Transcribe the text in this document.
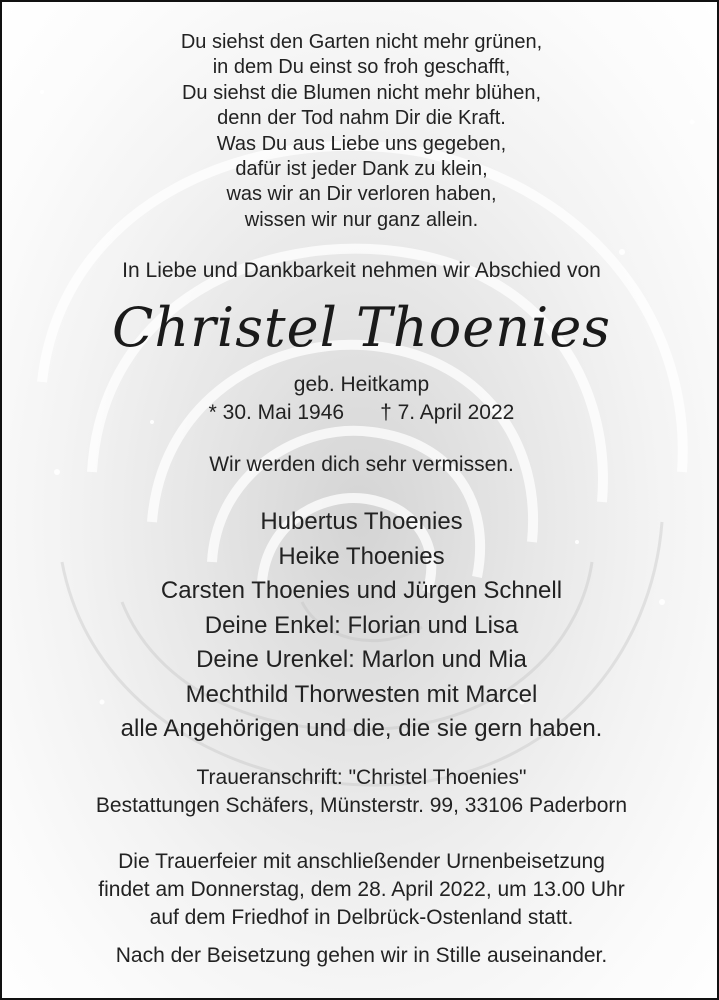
Du siehst den Garten nicht mehr grünen,
in dem Du einst so froh geschafft,
Du siehst die Blumen nicht mehr blühen,
denn der Tod nahm Dir die Kraft.
Was Du aus Liebe uns gegeben,
dafür ist jeder Dank zu klein,
was wir an Dir verloren haben,
wissen wir nur ganz allein.
In Liebe und Dankbarkeit nehmen wir Abschied von
Christel Thoenies
geb. Heitkamp
* 30. Mai 1946 † 7. April 2022
Wir werden dich sehr vermissen.
Hubertus Thoenies
Heike Thoenies
Carsten Thoenies und Jürgen Schnell
Deine Enkel: Florian und Lisa
Deine Urenkel: Marlon und Mia
Mechthild Thorwesten mit Marcel
alle Angehörigen und die, die sie gern haben.
Traueranschrift: "Christel Thoenies"
Bestattungen Schäfers, Münsterstr. 99, 33106 Paderborn
Die Trauerfeier mit anschließender Urnenbeisetzung
findet am Donnerstag, dem 28. April 2022, um 13.00 Uhr
auf dem Friedhof in Delbrück-Ostenland statt.
Nach der Beisetzung gehen wir in Stille auseinander.
